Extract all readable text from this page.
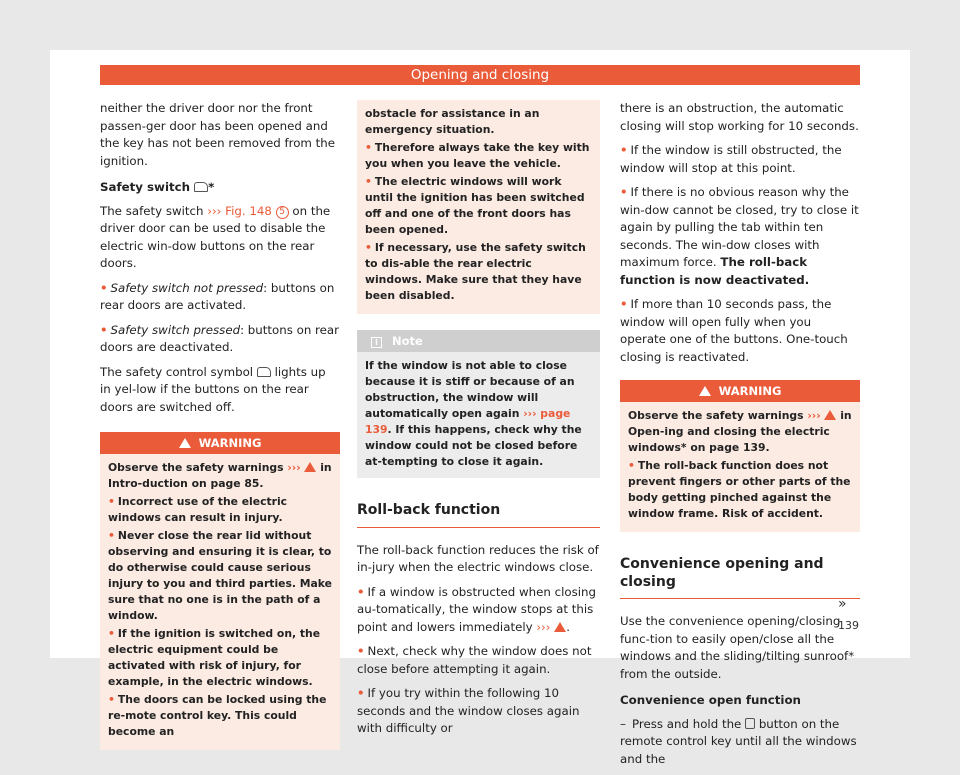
Opening and closing

neither the driver door nor the front passen-ger door has been opened and the key has not been removed from the ignition.

Safety switch *

The safety switch ››› Fig. 148 5 on the driver door can be used to disable the electric win-dow buttons on the rear doors.

• Safety switch not pressed: buttons on rear doors are activated.

• Safety switch pressed: buttons on rear doors are deactivated.

The safety control symbol lights up in yel-low if the buttons on the rear doors are switched off.

WARNING
Observe the safety warnings ››› in Intro-duction on page 85.
• Incorrect use of the electric windows can result in injury.
• Never close the rear lid without observing and ensuring it is clear, to do otherwise could cause serious injury to you and third parties. Make sure that no one is in the path of a window.
• If the ignition is switched on, the electric equipment could be activated with risk of injury, for example, in the electric windows.
• The doors can be locked using the re-mote control key. This could become an
obstacle for assistance in an emergency situation.
• Therefore always take the key with you when you leave the vehicle.
• The electric windows will work until the ignition has been switched off and one of the front doors has been opened.
• If necessary, use the safety switch to dis-able the rear electric windows. Make sure that they have been disabled.
i Note
If the window is not able to close because it is stiff or because of an obstruction, the window will automatically open again ››› page 139. If this happens, check why the window could not be closed before at-tempting to close it again.
Roll-back function

The roll-back function reduces the risk of in-jury when the electric windows close.

• If a window is obstructed when closing au-tomatically, the window stops at this point and lowers immediately ››› .

• Next, check why the window does not close before attempting it again.

• If you try within the following 10 seconds and the window closes again with difficulty or

there is an obstruction, the automatic closing will stop working for 10 seconds.

• If the window is still obstructed, the window will stop at this point.

• If there is no obvious reason why the win-dow cannot be closed, try to close it again by pulling the tab within ten seconds. The win-dow closes with maximum force. The roll-back function is now deactivated.

• If more than 10 seconds pass, the window will open fully when you operate one of the buttons. One-touch closing is reactivated.

WARNING
Observe the safety warnings ››› in Open-ing and closing the electric windows* on page 139.
• The roll-back function does not prevent fingers or other parts of the body getting pinched against the window frame. Risk of accident.
Convenience opening and closing

Use the convenience opening/closing func-tion to easily open/close all the windows and the sliding/tilting sunroof* from the outside.

Convenience open function

– Press and hold the button on the remote control key until all the windows and the

»
139
